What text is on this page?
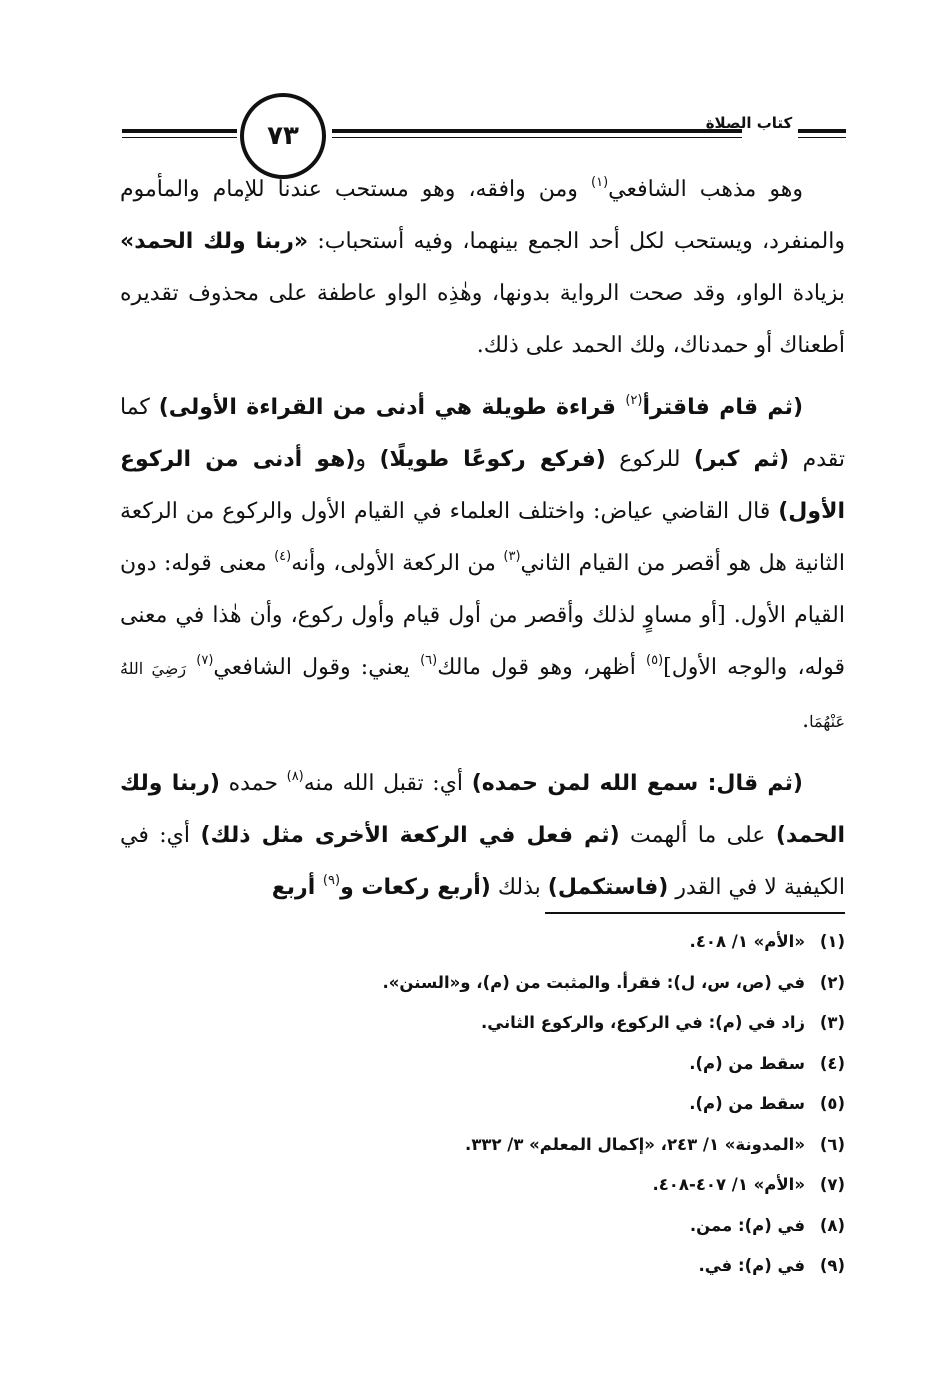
٧٣	كتاب الصلاة

وهو مذهب الشافعي$^{(١)}$ ومن وافقه، وهو مستحب عندنا للإمام والمأموم والمنفرد، ويستحب لكل أحد الجمع بينهما، وفيه أستحباب: «ربنا ولك الحمد» بزيادة الواو، وقد صحت الرواية بدونها، وهٰذِه الواو عاطفة على محذوف تقديره أطعناك أو حمدناك، ولك الحمد على ذلك.

(ثم قام فاقترأ$^{(٢)}$ قراءة طويلة هي أدنى من القراءة الأولى) كما تقدم (ثم كبر) للركوع (فركع ركوعًا طويلًا) و(هو أدنى من الركوع الأول) قال القاضي عياض: واختلف العلماء في القيام الأول والركوع من الركعة الثانية هل هو أقصر من القيام الثاني$^{(٣)}$ من الركعة الأولى، وأنه$^{(٤)}$ معنى قوله: دون القيام الأول. [أو مساوٍ لذلك وأقصر من أول قيام وأول ركوع، وأن هٰذا في معنى قوله، والوجه الأول]$^{(٥)}$ أظهر، وهو قول مالك$^{(٦)}$ يعني: وقول الشافعي$^{(٧)}$ رَضِيَ اللهُ عَنْهُمَا.

(ثم قال: سمع الله لمن حمده) أي: تقبل الله منه$^{(٨)}$ حمده (ربنا ولك الحمد) على ما ألهمت (ثم فعل في الركعة الأخرى مثل ذلك) أي: في الكيفية لا في القدر (فاستكمل) بذلك (أربع ركعات و$^{(٩)}$ أربع

(١)«الأم» ١/ ٤٠٨.
(٢)في (ص، س، ل): فقرأ. والمثبت من (م)، و«السنن».
(٣)زاد في (م): في الركوع، والركوع الثاني.
(٤)سقط من (م).
(٥)سقط من (م).
(٦)«المدونة» ١/ ٢٤٣، «إكمال المعلم» ٣/ ٣٣٢.
(٧)«الأم» ١/ ٤٠٧-٤٠٨.
(٨)في (م): ممن.
(٩)في (م): في.
